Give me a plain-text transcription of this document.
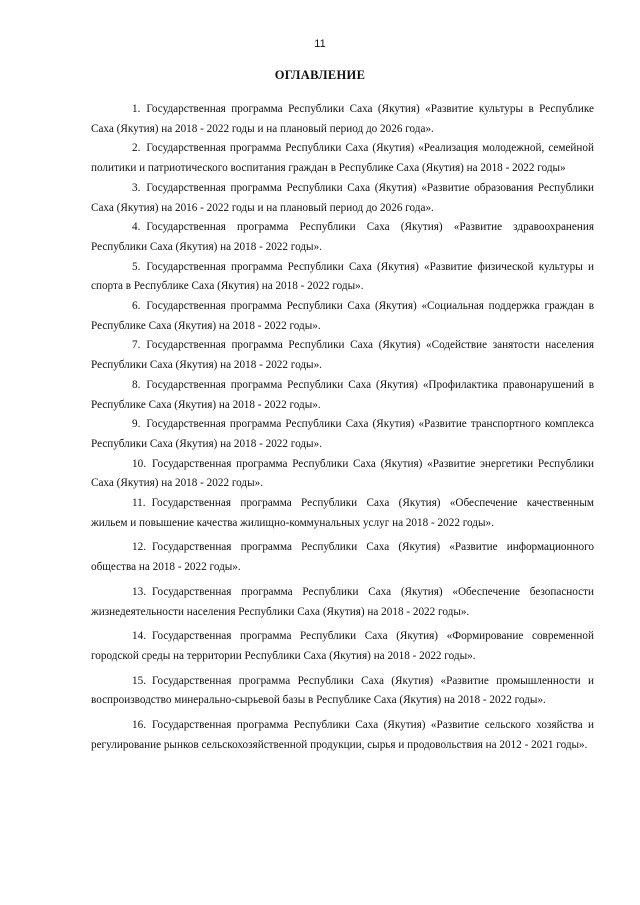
11
ОГЛАВЛЕНИЕ
1. Государственная программа Республики Саха (Якутия) «Развитие культуры в Республике Саха (Якутия) на 2018 - 2022 годы и на плановый период до 2026 года».
2. Государственная программа Республики Саха (Якутия) «Реализация молодежной, семейной политики и патриотического воспитания граждан в Республике Саха (Якутия) на 2018 - 2022 годы»
3. Государственная программа Республики Саха (Якутия) «Развитие образования Республики Саха (Якутия) на 2016 - 2022 годы и на плановый период до 2026 года».
4. Государственная программа Республики Саха (Якутия) «Развитие здравоохранения Республики Саха (Якутия) на 2018 - 2022 годы».
5. Государственная программа Республики Саха (Якутия) «Развитие физической культуры и спорта в Республике Саха (Якутия) на 2018 - 2022 годы».
6. Государственная программа Республики Саха (Якутия) «Социальная поддержка граждан в Республике Саха (Якутия) на 2018 - 2022 годы».
7. Государственная программа Республики Саха (Якутия) «Содействие занятости населения Республики Саха (Якутия) на 2018 - 2022 годы».
8. Государственная программа Республики Саха (Якутия) «Профилактика правонарушений в Республике Саха (Якутия) на 2018 - 2022 годы».
9. Государственная программа Республики Саха (Якутия) «Развитие транспортного комплекса Республики Саха (Якутия) на 2018 - 2022 годы».
10. Государственная программа Республики Саха (Якутия) «Развитие энергетики Республики Саха (Якутия) на 2018 - 2022 годы».
11. Государственная программа Республики Саха (Якутия) «Обеспечение качественным жильем и повышение качества жилищно-коммунальных услуг на 2018 - 2022 годы».
12. Государственная программа Республики Саха (Якутия) «Развитие информационного общества на 2018 - 2022 годы».
13. Государственная программа Республики Саха (Якутия) «Обеспечение безопасности жизнедеятельности населения Республики Саха (Якутия) на 2018 - 2022 годы».
14. Государственная программа Республики Саха (Якутия) «Формирование современной городской среды на территории Республики Саха (Якутия) на 2018 - 2022 годы».
15. Государственная программа Республики Саха (Якутия) «Развитие промышленности и воспроизводство минерально-сырьевой базы в Республике Саха (Якутия) на 2018 - 2022 годы».
16. Государственная программа Республики Саха (Якутия) «Развитие сельского хозяйства и регулирование рынков сельскохозяйственной продукции, сырья и продовольствия на 2012 - 2021 годы».
